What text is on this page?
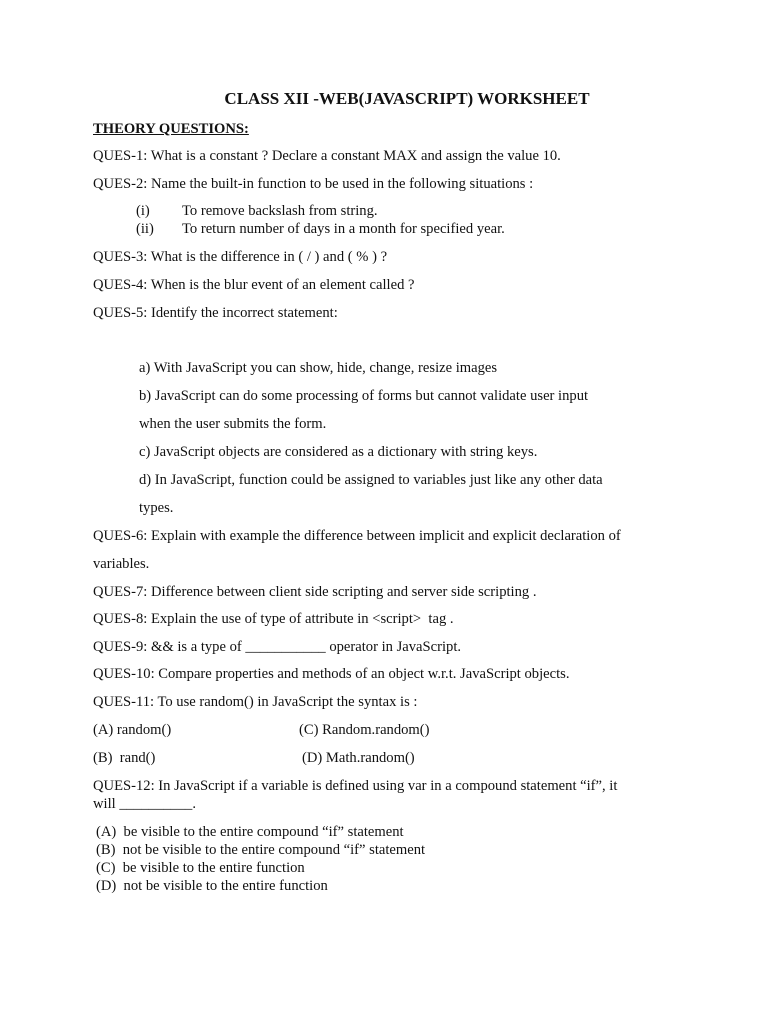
CLASS XII -WEB(JAVASCRIPT) WORKSHEET
THEORY QUESTIONS:
QUES-1: What is a constant ? Declare a constant MAX and assign the value 10.
QUES-2: Name the built-in function to be used in the following situations :
(i) To remove backslash from string.
(ii) To return number of days in a month for specified year.
QUES-3: What is the difference in ( / ) and ( % ) ?
QUES-4: When is the blur event of an element called ?
QUES-5: Identify the incorrect statement:
a) With JavaScript you can show, hide, change, resize images
b) JavaScript can do some processing of forms but cannot validate user input
when the user submits the form.
c) JavaScript objects are considered as a dictionary with string keys.
d) In JavaScript, function could be assigned to variables just like any other data
types.
QUES-6: Explain with example the difference between implicit and explicit declaration of
variables.
QUES-7: Difference between client side scripting and server side scripting .
QUES-8: Explain the use of type of attribute in <script>  tag .
QUES-9: && is a type of ___________ operator in JavaScript.
QUES-10: Compare properties and methods of an object w.r.t. JavaScript objects.
QUES-11: To use random() in JavaScript the syntax is :
(A) random()	(C) Random.random()
(B)  rand()	(D) Math.random()
QUES-12: In JavaScript if a variable is defined using var in a compound statement “if”, it
will __________.
(A)  be visible to the entire compound “if” statement
(B)  not be visible to the entire compound “if” statement
(C)  be visible to the entire function
(D)  not be visible to the entire function
